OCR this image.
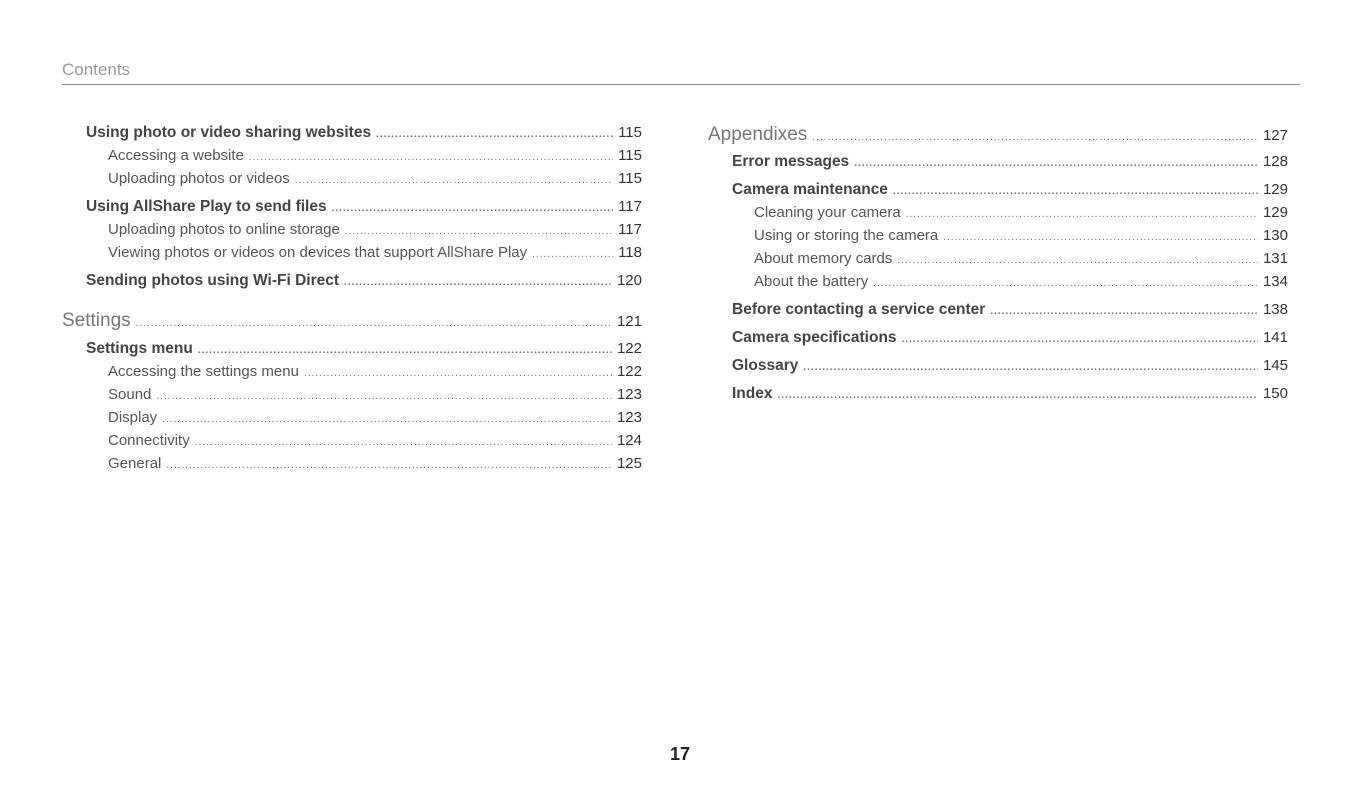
Contents
Using photo or video sharing websites .....	115
Accessing a website .....	115
Uploading photos or videos .....	115
Using AllShare Play to send files .....	117
Uploading photos to online storage .....	117
Viewing photos or videos on devices that support AllShare Play .....	118
Sending photos using Wi-Fi Direct .....	120
Settings .....	121
Settings menu .....	122
Accessing the settings menu .....	122
Sound .....	123
Display .....	123
Connectivity .....	124
General .....	125
Appendixes .....	127
Error messages .....	128
Camera maintenance .....	129
Cleaning your camera .....	129
Using or storing the camera .....	130
About memory cards .....	131
About the battery .....	134
Before contacting a service center .....	138
Camera specifications .....	141
Glossary .....	145
Index .....	150
17
